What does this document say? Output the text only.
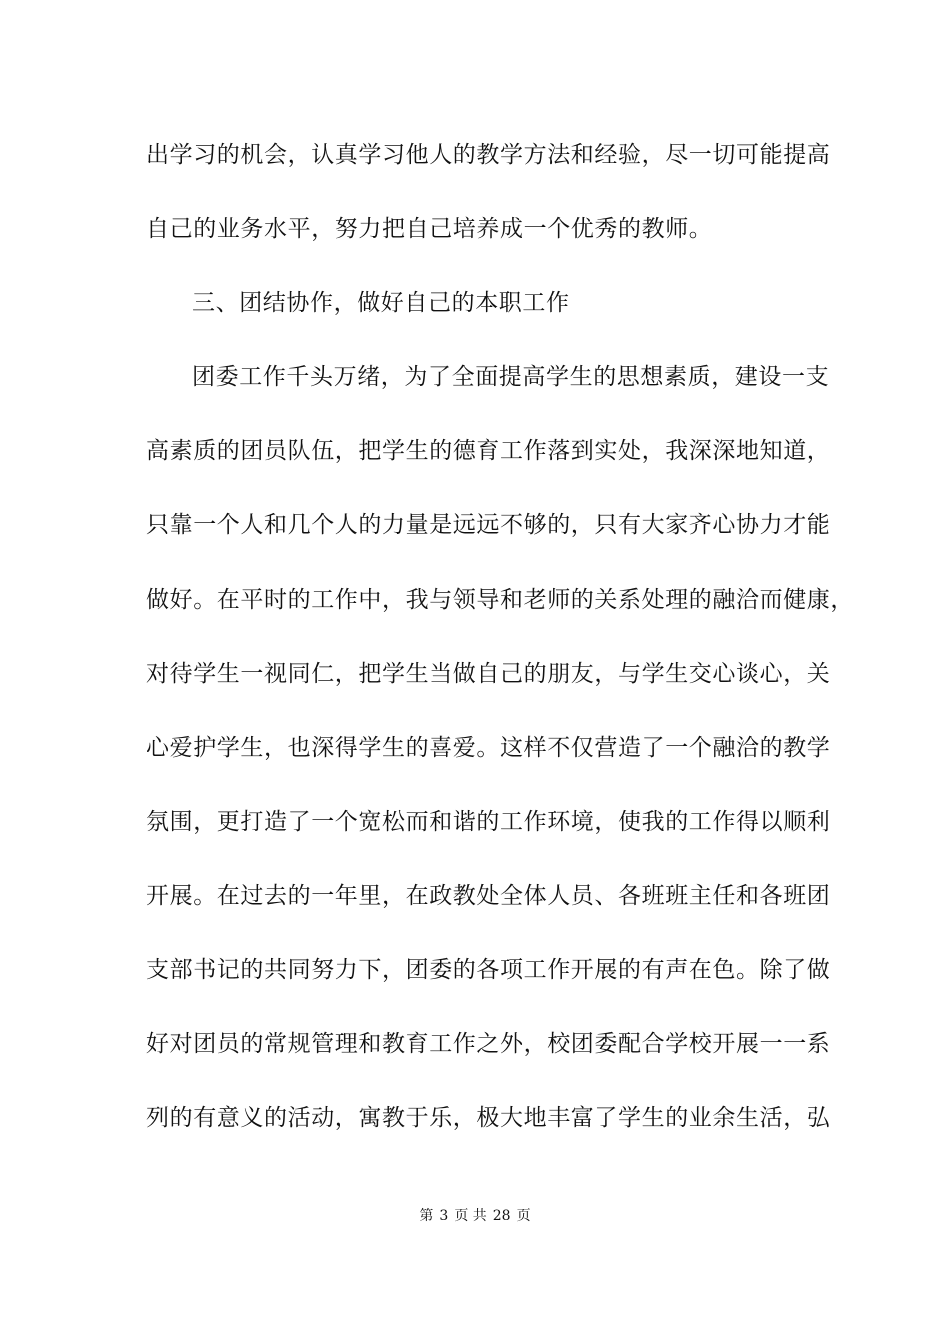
出学习的机会，认真学习他人的教学方法和经验，尽一切可能提高
自己的业务水平，努力把自己培养成一个优秀的教师。
三、团结协作，做好自己的本职工作
团委工作千头万绪，为了全面提高学生的思想素质，建设一支
高素质的团员队伍，把学生的德育工作落到实处，我深深地知道，
只靠一个人和几个人的力量是远远不够的，只有大家齐心协力才能
做好。在平时的工作中，我与领导和老师的关系处理的融洽而健康，
对待学生一视同仁，把学生当做自己的朋友，与学生交心谈心，关
心爱护学生，也深得学生的喜爱。这样不仅营造了一个融洽的教学
氛围，更打造了一个宽松而和谐的工作环境，使我的工作得以顺利
开展。在过去的一年里，在政教处全体人员、各班班主任和各班团
支部书记的共同努力下，团委的各项工作开展的有声在色。除了做
好对团员的常规管理和教育工作之外，校团委配合学校开展一一系
列的有意义的活动，寓教于乐，极大地丰富了学生的业余生活，弘
第 3 页 共 28 页
